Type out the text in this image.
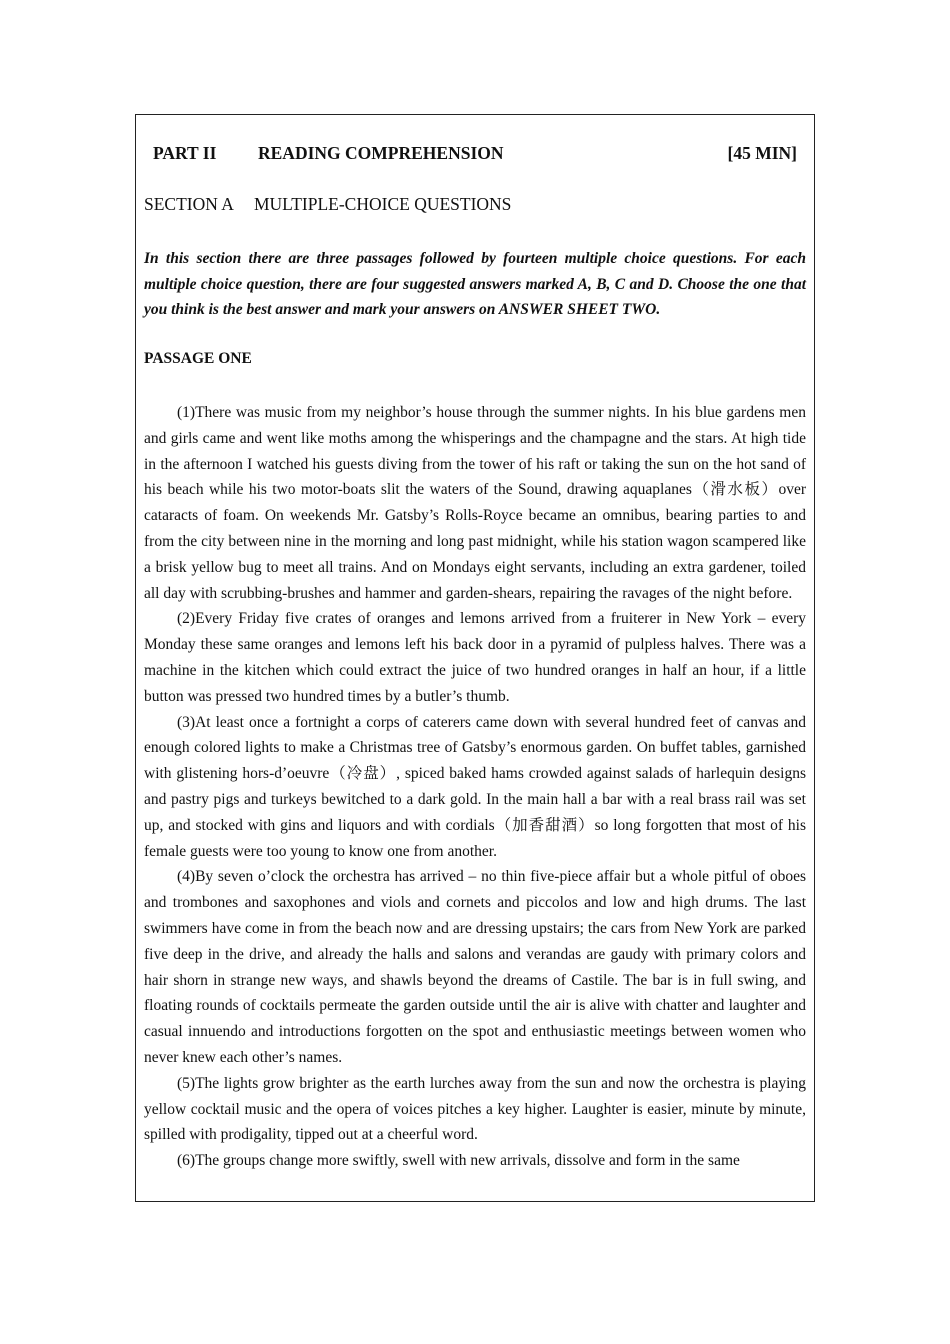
PART II READING COMPREHENSION	[45 MIN]
SECTION A MULTIPLE-CHOICE QUESTIONS
In this section there are three passages followed by fourteen multiple choice questions. For each multiple choice question, there are four suggested answers marked A, B, C and D. Choose the one that you think is the best answer and mark your answers on ANSWER SHEET TWO.
PASSAGE ONE

(1)There was music from my neighbor’s house through the summer nights. In his blue gardens men and girls came and went like moths among the whisperings and the champagne and the stars. At high tide in the afternoon I watched his guests diving from the tower of his raft or taking the sun on the hot sand of his beach while his two motor-boats slit the waters of the Sound, drawing aquaplanes（滑水板）over cataracts of foam. On weekends Mr. Gatsby’s Rolls-Royce became an omnibus, bearing parties to and from the city between nine in the morning and long past midnight, while his station wagon scampered like a brisk yellow bug to meet all trains. And on Mondays eight servants, including an extra gardener, toiled all day with scrubbing-brushes and hammer and garden-shears, repairing the ravages of the night before.

(2)Every Friday five crates of oranges and lemons arrived from a fruiterer in New York – every Monday these same oranges and lemons left his back door in a pyramid of pulpless halves. There was a machine in the kitchen which could extract the juice of two hundred oranges in half an hour, if a little button was pressed two hundred times by a butler’s thumb.

(3)At least once a fortnight a corps of caterers came down with several hundred feet of canvas and enough colored lights to make a Christmas tree of Gatsby’s enormous garden. On buffet tables, garnished with glistening hors-d’oeuvre（冷盘）, spiced baked hams crowded against salads of harlequin designs and pastry pigs and turkeys bewitched to a dark gold. In the main hall a bar with a real brass rail was set up, and stocked with gins and liquors and with cordials（加香甜酒）so long forgotten that most of his female guests were too young to know one from another.

(4)By seven o’clock the orchestra has arrived – no thin five-piece affair but a whole pitful of oboes and trombones and saxophones and viols and cornets and piccolos and low and high drums. The last swimmers have come in from the beach now and are dressing upstairs; the cars from New York are parked five deep in the drive, and already the halls and salons and verandas are gaudy with primary colors and hair shorn in strange new ways, and shawls beyond the dreams of Castile. The bar is in full swing, and floating rounds of cocktails permeate the garden outside until the air is alive with chatter and laughter and casual innuendo and introductions forgotten on the spot and enthusiastic meetings between women who never knew each other’s names.

(5)The lights grow brighter as the earth lurches away from the sun and now the orchestra is playing yellow cocktail music and the opera of voices pitches a key higher. Laughter is easier, minute by minute, spilled with prodigality, tipped out at a cheerful word.

(6)The groups change more swiftly, swell with new arrivals, dissolve and form in the same
